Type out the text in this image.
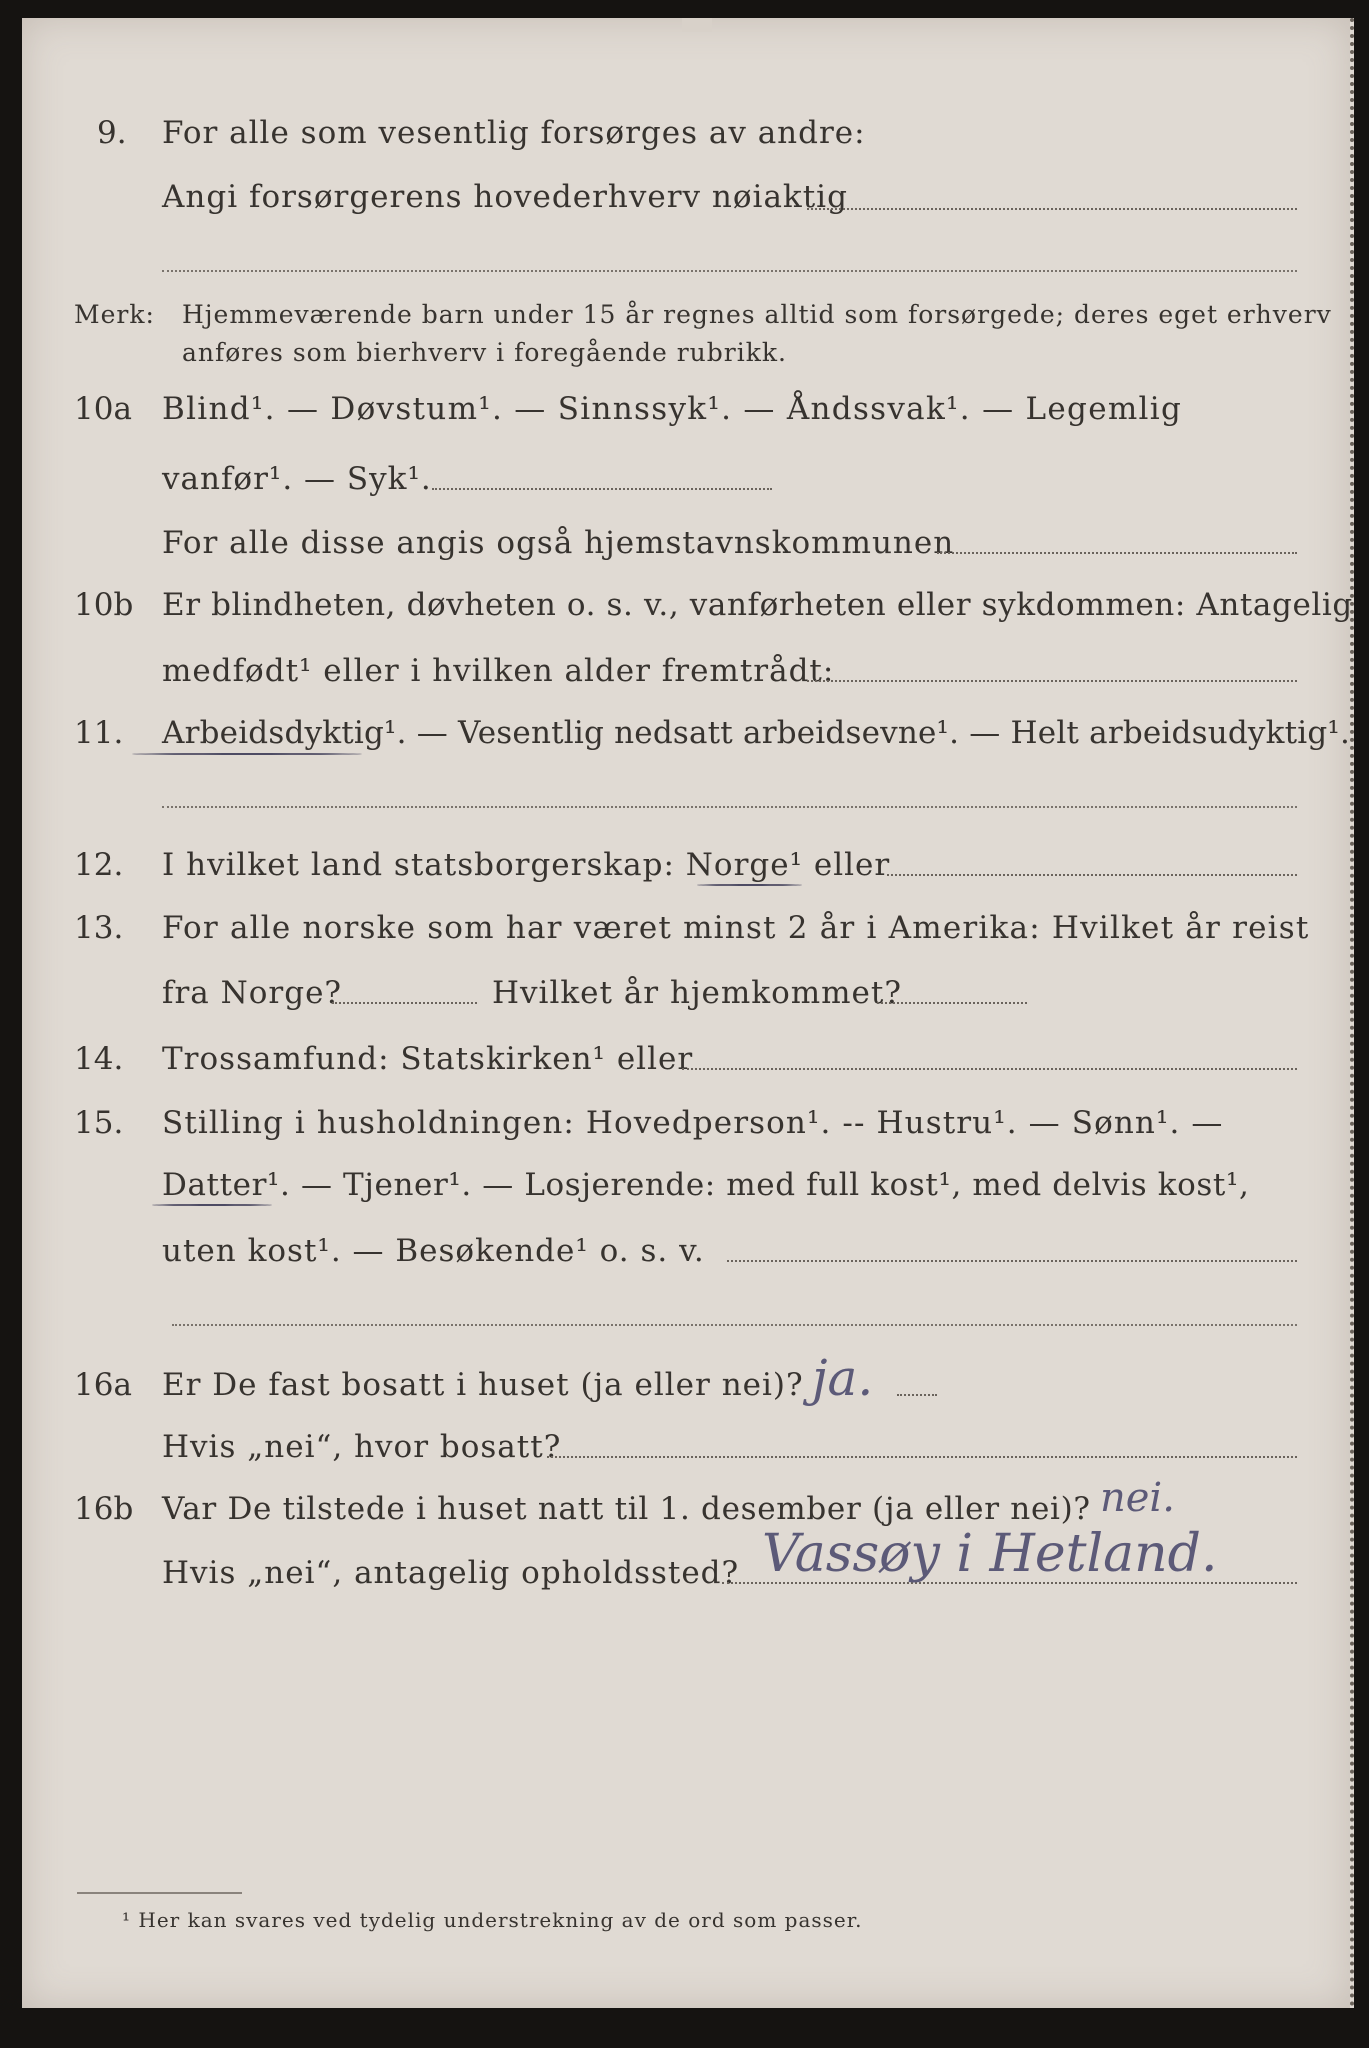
9. For alle som vesentlig forsørges av andre:
Angi forsørgerens hovederhverv nøiaktig
Merk: Hjemmeværende barn under 15 år regnes alltid som forsørgede; deres eget erhverv
anføres som bierhverv i foregående rubrikk.
10a Blind¹. — Døvstum¹. — Sinnssyk¹. — Åndssvak¹. — Legemlig
vanfør¹. — Syk¹.
For alle disse angis også hjemstavnskommunen
10b Er blindheten, døvheten o. s. v., vanførheten eller sykdommen: Antagelig
medfødt¹ eller i hvilken alder fremtrådt:
11. Arbeidsdyktig¹. — Vesentlig nedsatt arbeidsevne¹. — Helt arbeidsudyktig¹.
12. I hvilket land statsborgerskap: Norge¹ eller
13. For alle norske som har været minst 2 år i Amerika: Hvilket år reist
fra Norge?	Hvilket år hjemkommet?
14. Trossamfund: Statskirken¹ eller
15. Stilling i husholdningen: Hovedperson¹. -- Hustru¹. — Sønn¹. —
Datter¹. — Tjener¹. — Losjerende: med full kost¹, med delvis kost¹,
uten kost¹. — Besøkende¹ o. s. v.
16a Er De fast bosatt i huset (ja eller nei)? ja.
Hvis „nei“, hvor bosatt?
16b Var De tilstede i huset natt til 1. desember (ja eller nei)? nei.
Hvis „nei“, antagelig opholdssted? Vassøy i Hetland.
¹ Her kan svares ved tydelig understrekning av de ord som passer.
